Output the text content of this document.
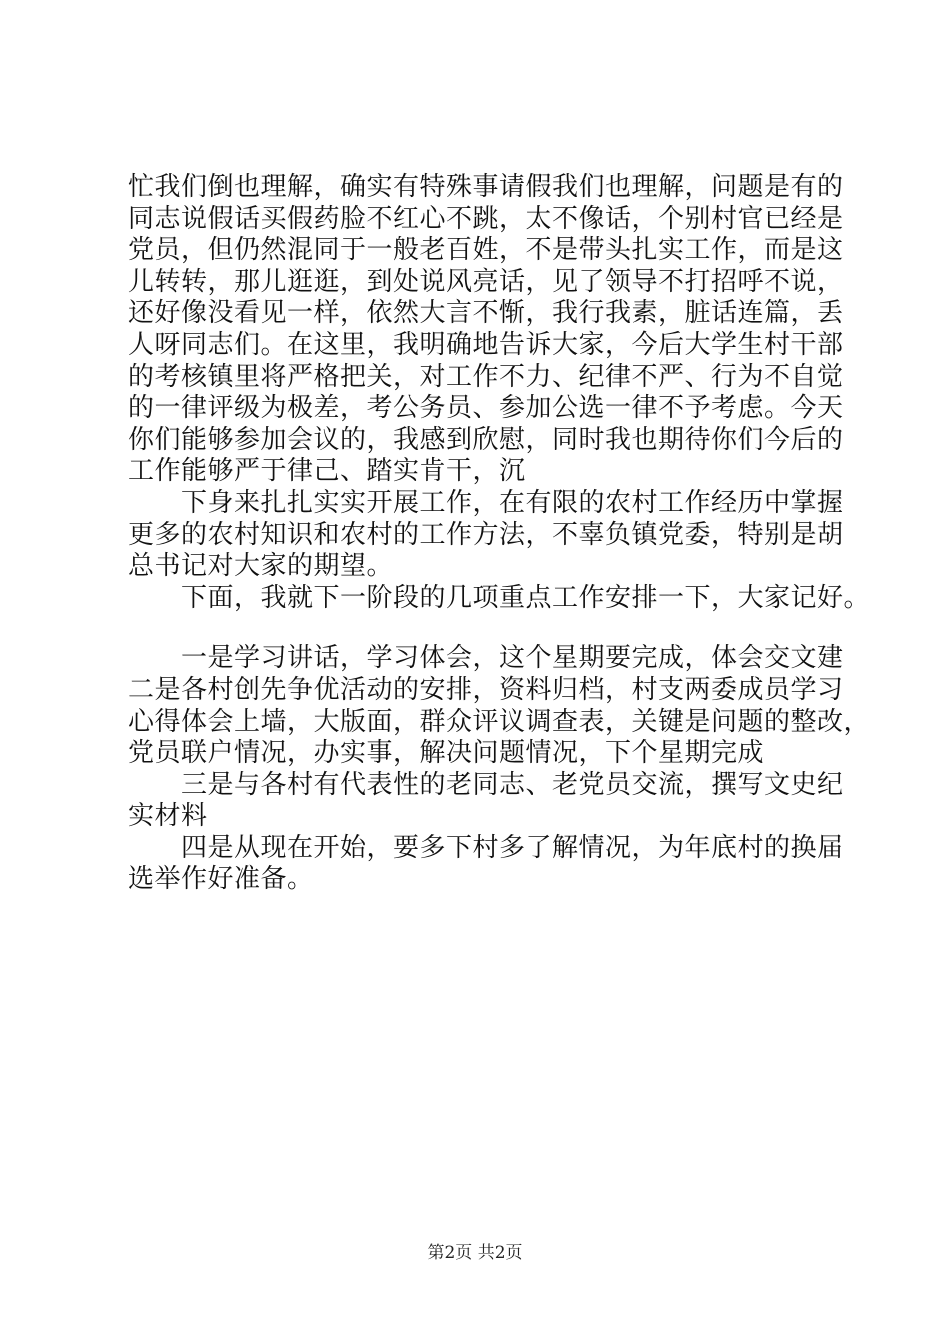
忙我们倒也理解，确实有特殊事请假我们也理解，问题是有的

同志说假话买假药脸不红心不跳，太不像话，个别村官已经是

党员，但仍然混同于一般老百姓，不是带头扎实工作，而是这

儿转转，那儿逛逛，到处说风亮话，见了领导不打招呼不说，

还好像没看见一样，依然大言不惭，我行我素，脏话连篇，丢

人呀同志们。在这里，我明确地告诉大家，今后大学生村干部

的考核镇里将严格把关，对工作不力、纪律不严、行为不自觉

的一律评级为极差，考公务员、参加公选一律不予考虑。今天

你们能够参加会议的，我感到欣慰，同时我也期待你们今后的

工作能够严于律己、踏实肯干，沉

下身来扎扎实实开展工作，在有限的农村工作经历中掌握

更多的农村知识和农村的工作方法，不辜负镇党委，特别是胡

总书记对大家的期望。

下面，我就下一阶段的几项重点工作安排一下，大家记好。

一是学习讲话，学习体会，这个星期要完成，体会交文建

二是各村创先争优活动的安排，资料归档，村支两委成员学习

心得体会上墙，大版面，群众评议调查表，关键是问题的整改，

党员联户情况，办实事，解决问题情况，下个星期完成

三是与各村有代表性的老同志、老党员交流，撰写文史纪

实材料

四是从现在开始，要多下村多了解情况，为年底村的换届

选举作好准备。

第2页 共2页
